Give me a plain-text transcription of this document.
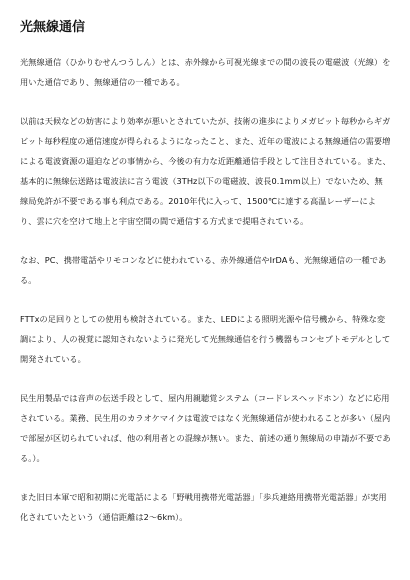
光無線通信

光無線通信（ひかりむせんつうしん）とは、赤外線から可視光線までの間の波長の電磁波（光線）を用いた通信であり、無線通信の一種である。

以前は天候などの妨害により効率が悪いとされていたが、技術の進歩によりメガビット毎秒からギガビット毎秒程度の通信速度が得られるようになったこと、また、近年の電波による無線通信の需要増による電波資源の逼迫などの事情から、今後の有力な近距離通信手段として注目されている。また、基本的に無線伝送路は電波法に言う電波（3THz以下の電磁波、波長0.1mm以上）でないため、無線局免許が不要である事も利点である。2010年代に入って、1500℃に達する高温レーザーにより、雲に穴を空けて地上と宇宙空間の間で通信する方式まで提唱されている。

なお、PC、携帯電話やリモコンなどに使われている、赤外線通信やIrDAも、光無線通信の一種である。

FTTxの足回りとしての使用も検討されている。また、LEDによる照明光源や信号機から、特殊な変調により、人の視覚に認知されないように発光して光無線通信を行う機器もコンセプトモデルとして開発されている。

民生用製品では音声の伝送手段として、屋内用親聴覚システム（コードレスヘッドホン）などに応用されている。業務、民生用のカラオケマイクは電波ではなく光無線通信が使われることが多い（屋内で部屋が区切られていれば、他の利用者との混線が無い。また、前述の通り無線局の申請が不要である。）。

また旧日本軍で昭和初期に光電話による「野戦用携帯光電話器」「歩兵連絡用携帯光電話器」が実用化されていたという（通信距離は2〜6km）。
